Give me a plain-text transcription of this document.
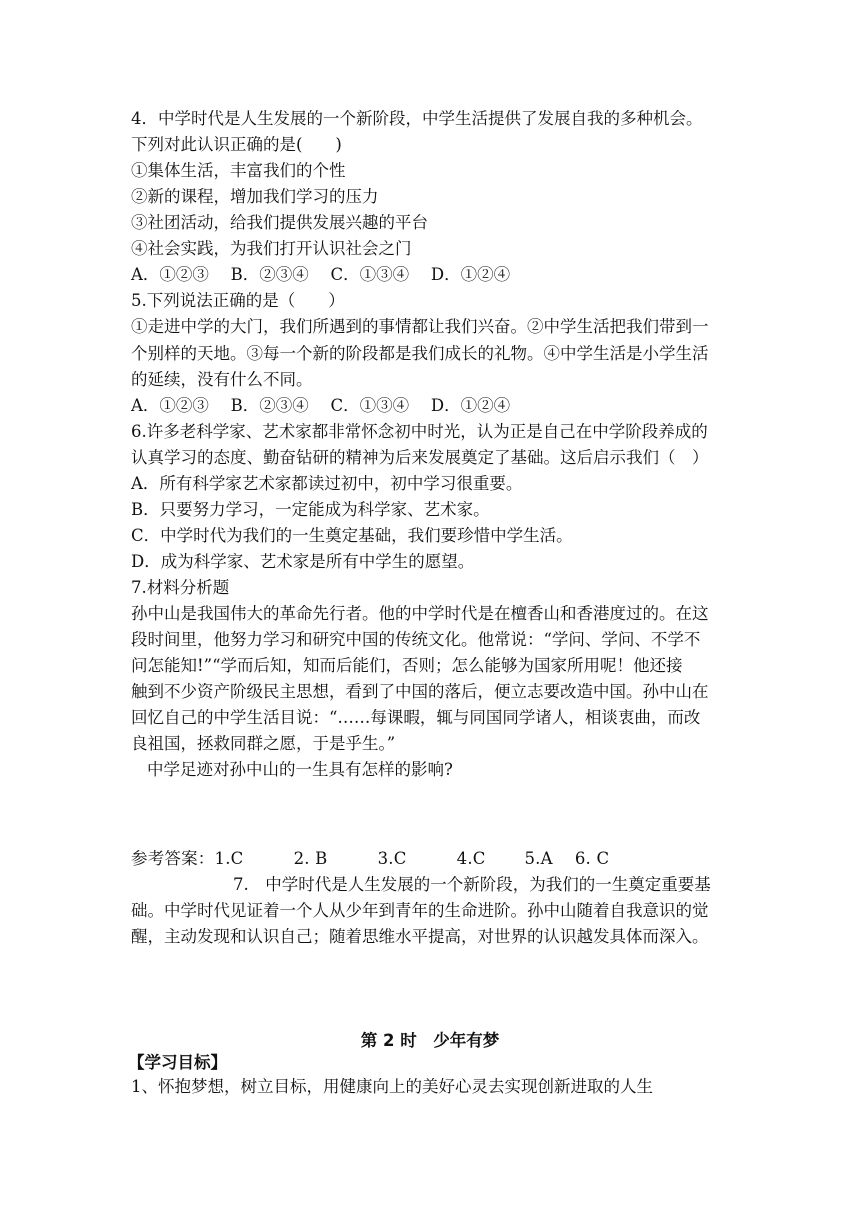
4．中学时代是人生发展的一个新阶段，中学生活提供了发展自我的多种机会。
下列对此认识正确的是(　　)
①集体生活，丰富我们的个性
②新的课程，增加我们学习的压力
③社团活动，给我们提供发展兴趣的平台
④社会实践，为我们打开认识社会之门
A．①②③　 B．②③④　 C．①③④　 D．①②④
5.下列说法正确的是（　　）
①走进中学的大门，我们所遇到的事情都让我们兴奋。②中学生活把我们带到一
个别样的天地。③每一个新的阶段都是我们成长的礼物。④中学生活是小学生活
的延续，没有什么不同。
A．①②③　 B．②③④　 C．①③④　 D．①②④
6.许多老科学家、艺术家都非常怀念初中时光，认为正是自己在中学阶段养成的
认真学习的态度、勤奋钻研的精神为后来发展奠定了基础。这后启示我们（　）
A．所有科学家艺术家都读过初中，初中学习很重要。
B．只要努力学习，一定能成为科学家、艺术家。
C．中学时代为我们的一生奠定基础，我们要珍惜中学生活。
D．成为科学家、艺术家是所有中学生的愿望。
7.材料分析题
孙中山是我国伟大的革命先行者。他的中学时代是在檀香山和香港度过的。在这
段时间里，他努力学习和研究中国的传统文化。他常说：“学问、学问、不学不
问怎能知!”“学而后知，知而后能们，否则；怎么能够为国家所用呢！他还接
触到不少资产阶级民主思想，看到了中国的落后，便立志要改造中国。孙中山在
回忆自己的中学生活目说：“……每课暇，辄与同国同学诸人，相谈衷曲，而改
良祖国，拯救同群之愿，于是乎生。”
中学足迹对孙中山的一生具有怎样的影响?
参考答案：1.C　　　2. B　　　3.C　　　4.C　　 5.A　 6. C
7.　中学时代是人生发展的一个新阶段，为我们的一生奠定重要基
础。中学时代见证着一个人从少年到青年的生命进阶。孙中山随着自我意识的觉
醒，主动发现和认识自己；随着思维水平提高，对世界的认识越发具体而深入。
第 2 时　少年有梦
【学习目标】
1、怀抱梦想，树立目标，用健康向上的美好心灵去实现创新进取的人生
